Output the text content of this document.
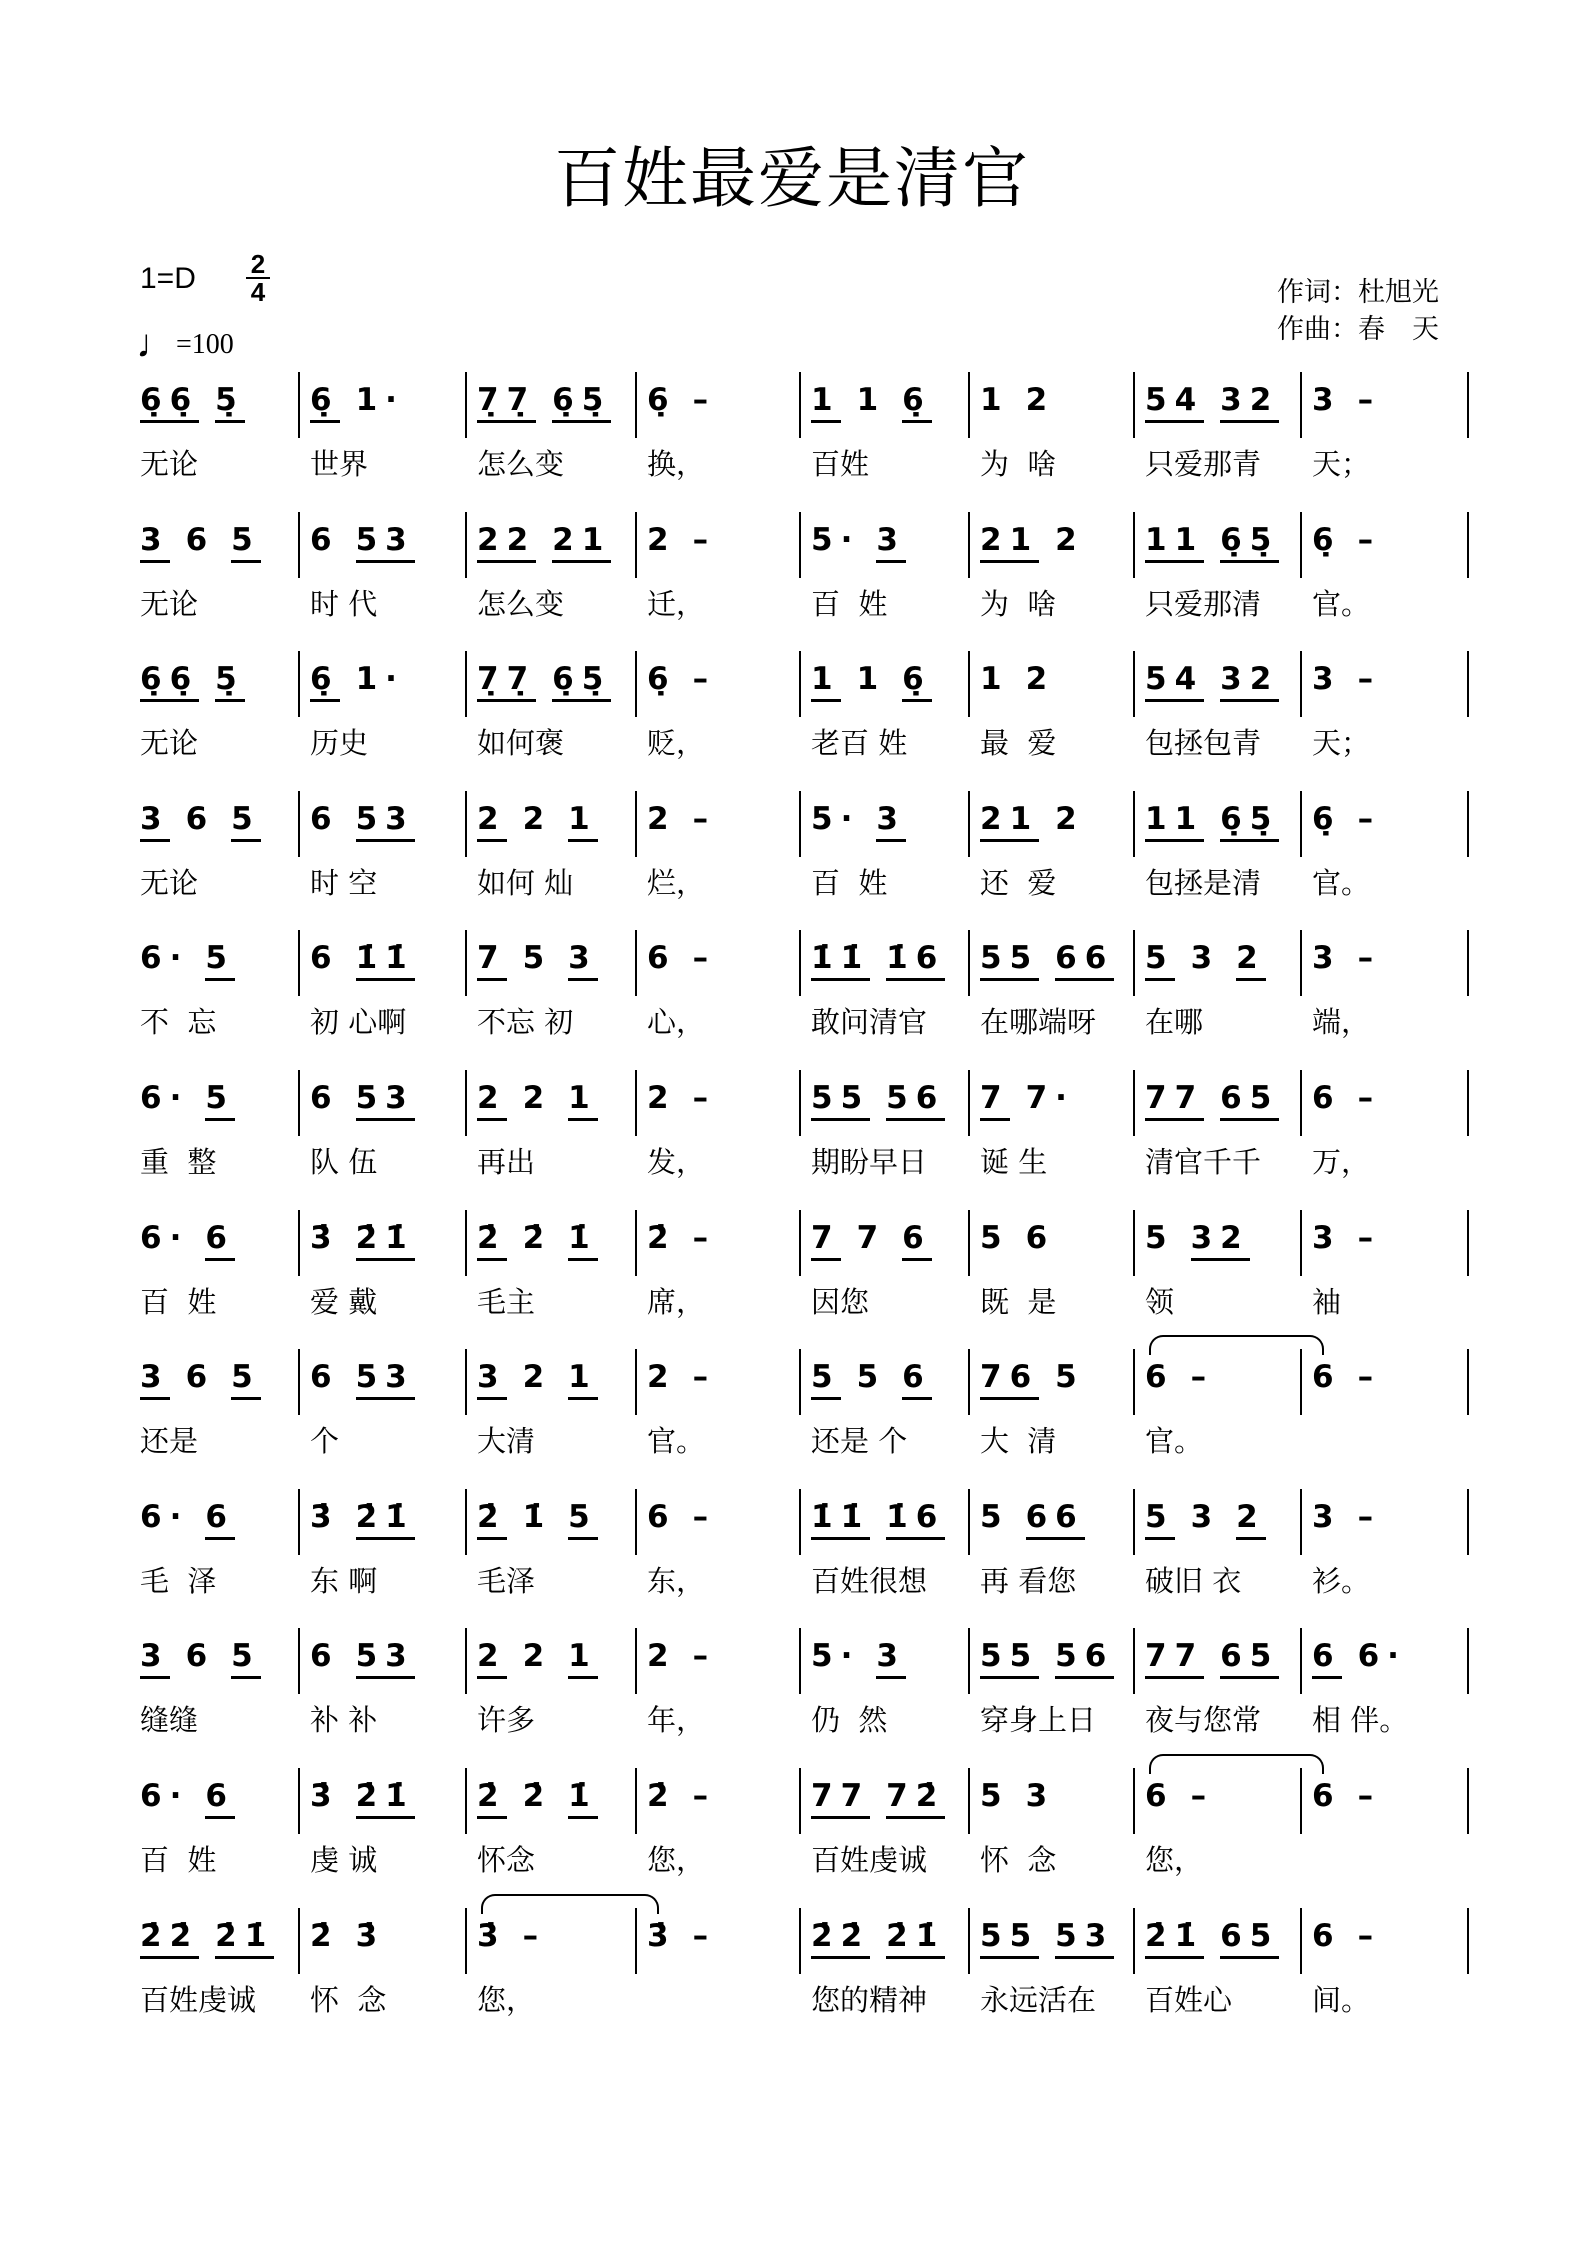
百姓最爱是清官
1=D 2
4
♩=100
作词：杜旭光
作曲：春　天
6̣6̣ 5̣
无论
6̣ 1·
世界
7̣7̣ 6̣5̣
怎么变
6̣ –
换，
1 1 6̣
百姓
1 2
为  啥
54 32
只爱那青
3 –
天；
3 6 5
无论
6 53
时 代
22 21
怎么变
2 –
迁，
5· 3
百  姓
21 2
为  啥
11 6̣5̣
只爱那清
6̣ –
官。
6̣6̣ 5̣
无论
6̣ 1·
历史
7̣7̣ 6̣5̣
如何褒
6̣ –
贬，
1 1 6̣
老百 姓
1 2
最  爱
54 32
包拯包青
3 –
天；
3 6 5
无论
6 53
时 空
2 2 1
如何 灿
2 –
烂，
5· 3
百  姓
21 2
还  爱
11 6̣5̣
包拯是清
6̣ –
官。
6· 5
不  忘
6 1̇1̇
初 心啊
7 5 3
不忘 初
6 –
心，
1̇1̇ 1̇6
敢问清官
55 66
在哪端呀
5 3 2
在哪
3 –
端，
6· 5
重  整
6 53
队 伍
2 2 1
再出
2 –
发，
55 56
期盼早日
7 7·
诞 生
77 65
清官千千
6 –
万，
6· 6
百  姓
3̇ 2̇1̇
爱 戴
2̇ 2̇ 1̇
毛主
2̇ –
席，
7 7 6
因您
5 6
既  是
5 32
领
3 –
袖
3 6 5
还是
6 53
个
3 2 1
大清
2 –
官。
5 5 6
还是 个
76 5
大  清
6 –
官。
6 –
6· 6
毛  泽
3̇ 2̇1̇
东 啊
2̇ 1̇ 5
毛泽
6 –
东，
1̇1̇ 1̇6
百姓很想
5 66
再 看您
5 3 2
破旧 衣
3 –
衫。
3 6 5
缝缝
6 53
补 补
2 2 1
许多
2 –
年，
5· 3
仍  然
55 56
穿身上日
77 65
夜与您常
6 6·
相 伴。
6· 6
百  姓
3̇ 2̇1̇
虔 诚
2̇ 2̇ 1̇
怀念
2̇ –
您，
77 72̇
百姓虔诚
5 3
怀  念
6 –
您，
6 –
2̇2̇ 2̇1̇
百姓虔诚
2̇ 3̇
怀  念
3̇ –
您，
3̇ –	2̇2̇ 2̇1̇
您的精神
55 53
永远活在
2̇1̇ 65
百姓心
6 –
间。
